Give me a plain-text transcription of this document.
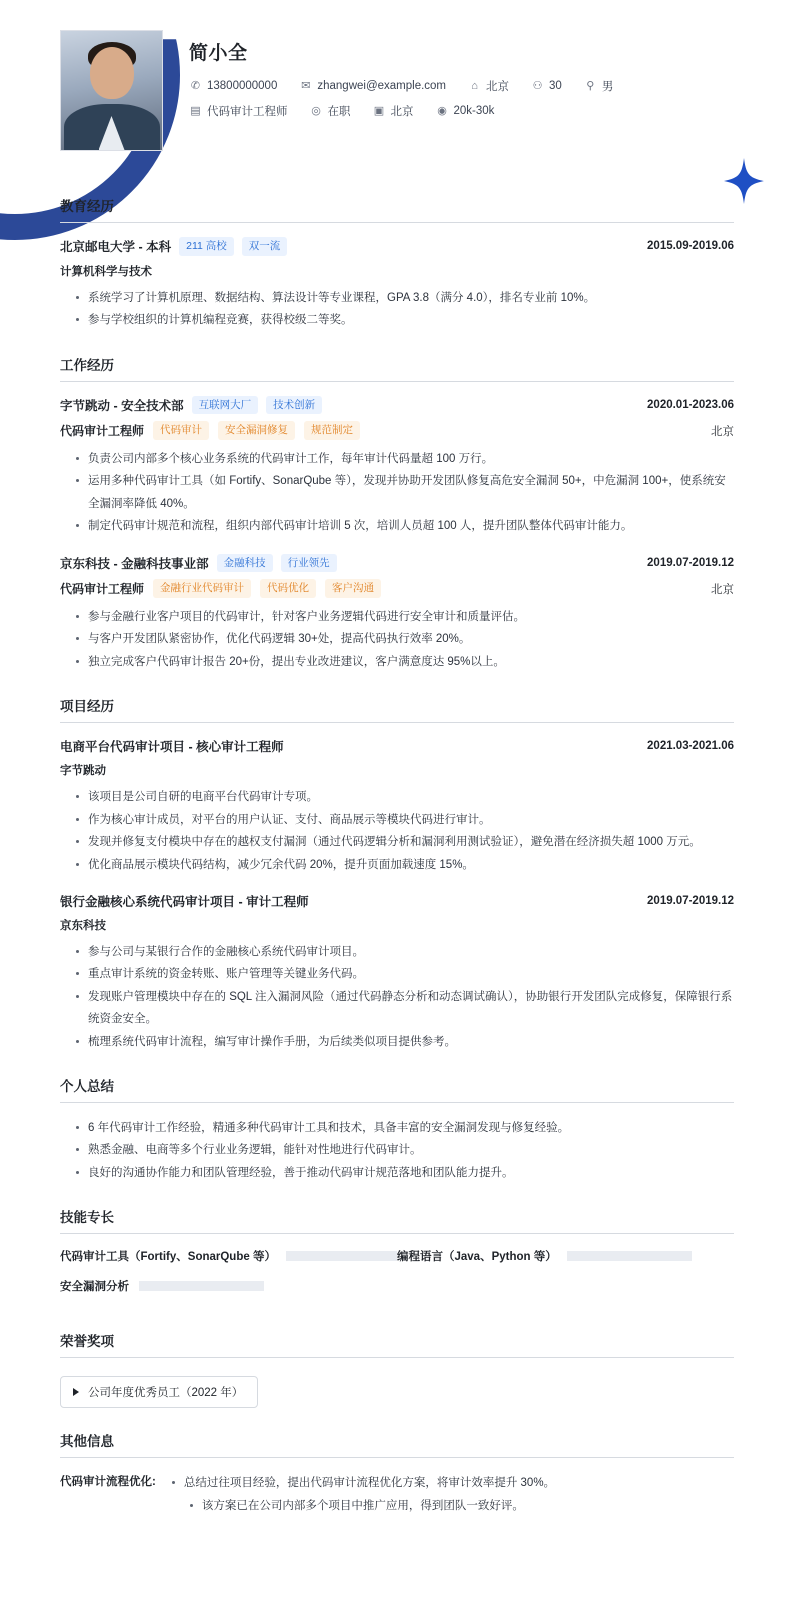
简小全
✆ 13800000000 ✉ zhangwei@example.com ⌂ 北京 ⚇ 30 ⚲ 男
▤ 代码审计工程师 ◎ 在职 ▣ 北京 ◉ 20k-30k
教育经历
北京邮电大学 - 本科	211 高校	双一流	2015.09-2019.06
计算机科学与技术
系统学习了计算机原理、数据结构、算法设计等专业课程，GPA 3.8（满分 4.0），排名专业前 10%。
参与学校组织的计算机编程竞赛，获得校级二等奖。
工作经历
字节跳动 - 安全技术部	互联网大厂	技术创新	2020.01-2023.06
代码审计工程师	代码审计	安全漏洞修复	规范制定	北京
负责公司内部多个核心业务系统的代码审计工作，每年审计代码量超 100 万行。
运用多种代码审计工具（如 Fortify、SonarQube 等），发现并协助开发团队修复高危安全漏洞 50+，中危漏洞 100+，使系统安全漏洞率降低 40%。
制定代码审计规范和流程，组织内部代码审计培训 5 次，培训人员超 100 人，提升团队整体代码审计能力。
京东科技 - 金融科技事业部	金融科技	行业领先	2019.07-2019.12
代码审计工程师	金融行业代码审计	代码优化	客户沟通	北京
参与金融行业客户项目的代码审计，针对客户业务逻辑代码进行安全审计和质量评估。
与客户开发团队紧密协作，优化代码逻辑 30+处，提高代码执行效率 20%。
独立完成客户代码审计报告 20+份，提出专业改进建议，客户满意度达 95%以上。
项目经历
电商平台代码审计项目 - 核心审计工程师	2021.03-2021.06
字节跳动
该项目是公司自研的电商平台代码审计专项。
作为核心审计成员，对平台的用户认证、支付、商品展示等模块代码进行审计。
发现并修复支付模块中存在的越权支付漏洞（通过代码逻辑分析和漏洞利用测试验证），避免潜在经济损失超 1000 万元。
优化商品展示模块代码结构，减少冗余代码 20%，提升页面加载速度 15%。
银行金融核心系统代码审计项目 - 审计工程师	2019.07-2019.12
京东科技
参与公司与某银行合作的金融核心系统代码审计项目。
重点审计系统的资金转账、账户管理等关键业务代码。
发现账户管理模块中存在的 SQL 注入漏洞风险（通过代码静态分析和动态调试确认），协助银行开发团队完成修复，保障银行系统资金安全。
梳理系统代码审计流程，编写审计操作手册，为后续类似项目提供参考。
个人总结
6 年代码审计工作经验，精通多种代码审计工具和技术，具备丰富的安全漏洞发现与修复经验。
熟悉金融、电商等多个行业业务逻辑，能针对性地进行代码审计。
良好的沟通协作能力和团队管理经验，善于推动代码审计规范落地和团队能力提升。
技能专长
代码审计工具（Fortify、SonarQube 等）	编程语言（Java、Python 等）
安全漏洞分析
荣誉奖项
公司年度优秀员工（2022 年）
其他信息
代码审计流程优化:	总结过往项目经验，提出代码审计流程优化方案，将审计效率提升 30%。
该方案已在公司内部多个项目中推广应用，得到团队一致好评。
